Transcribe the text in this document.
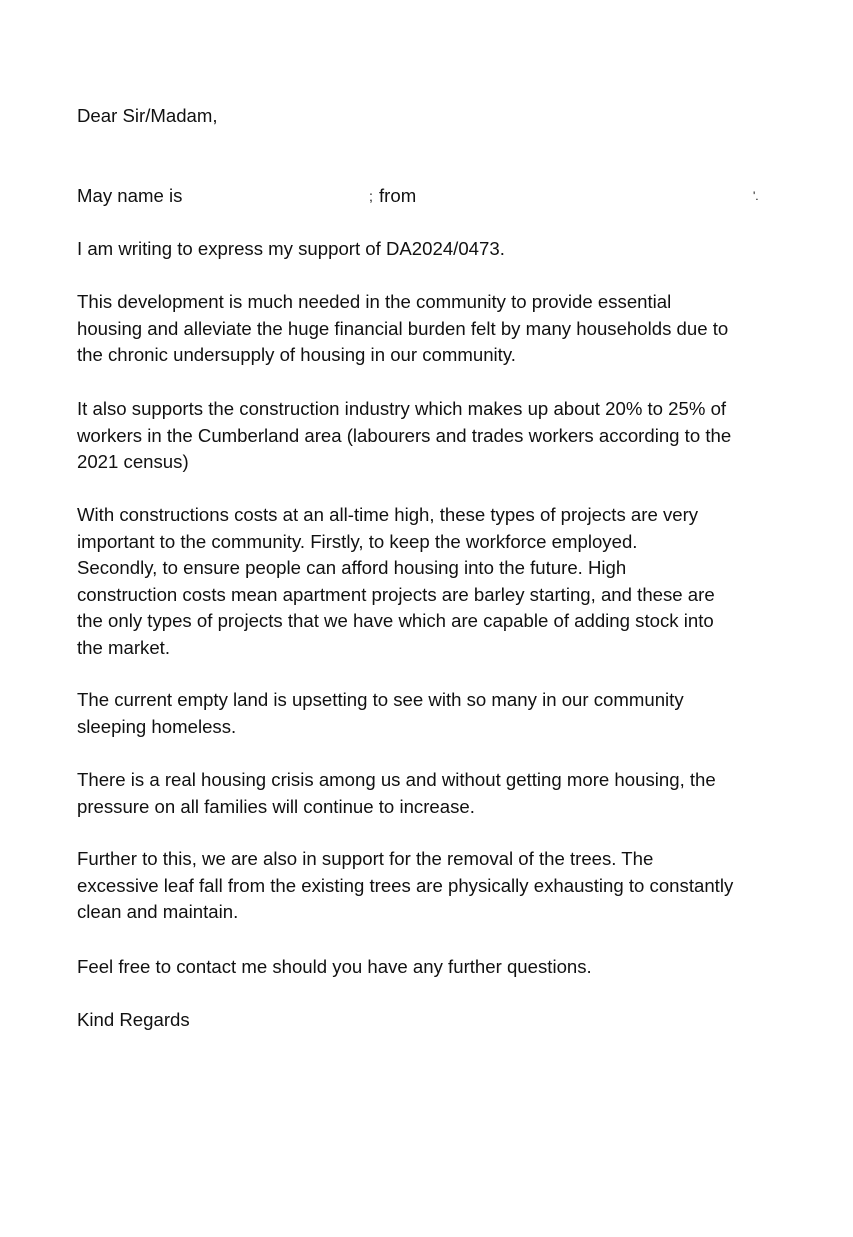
Dear Sir/Madam,

May name is	; from	'.

I am writing to express my support of DA2024/0473.

This development is much needed in the community to provide essential
housing and alleviate the huge financial burden felt by many households due to
the chronic undersupply of housing in our community.

It also supports the construction industry which makes up about 20% to 25% of
workers in the Cumberland area (labourers and trades workers according to the
2021 census)

With constructions costs at an all-time high, these types of projects are very
important to the community. Firstly, to keep the workforce employed.
Secondly, to ensure people can afford housing into the future. High
construction costs mean apartment projects are barley starting, and these are
the only types of projects that we have which are capable of adding stock into
the market.

The current empty land is upsetting to see with so many in our community
sleeping homeless.

There is a real housing crisis among us and without getting more housing, the
pressure on all families will continue to increase.

Further to this, we are also in support for the removal of the trees. The
excessive leaf fall from the existing trees are physically exhausting to constantly
clean and maintain.

Feel free to contact me should you have any further questions.

Kind Regards
